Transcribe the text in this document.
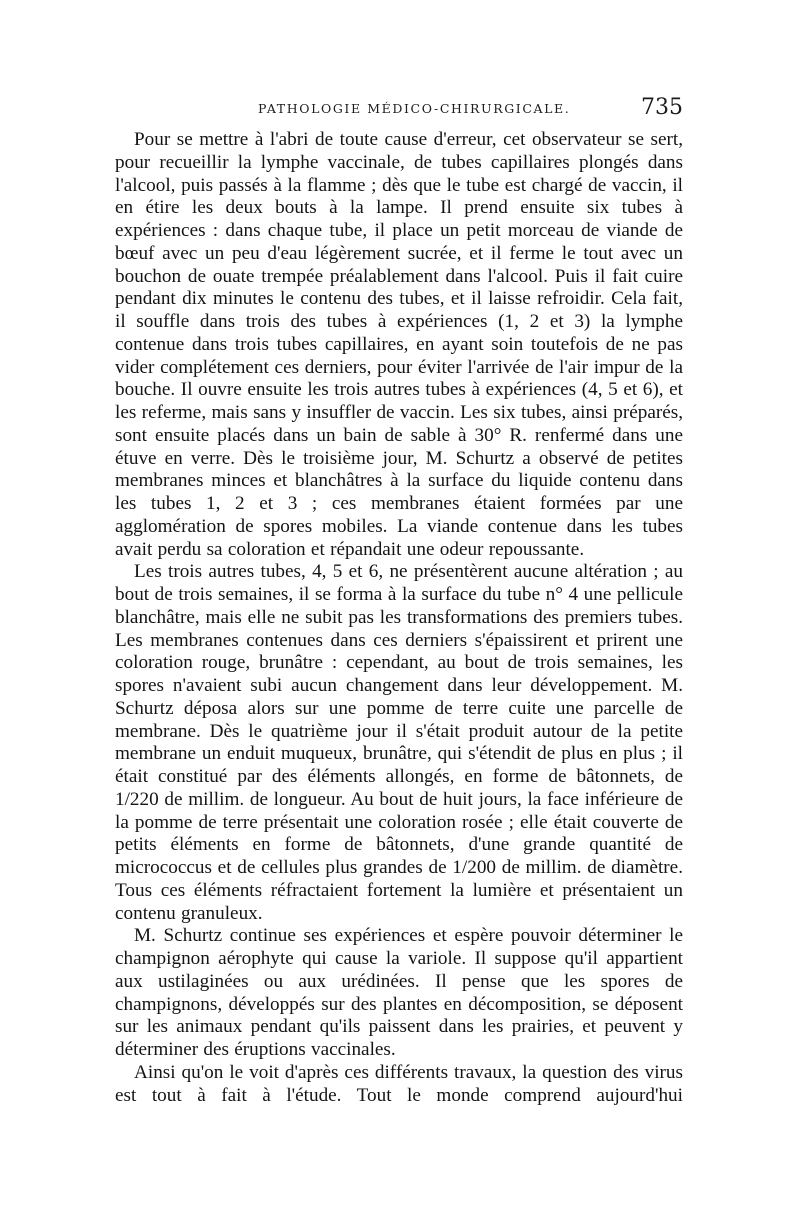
PATHOLOGIE MÉDICO-CHIRURGICALE.	735

Pour se mettre à l'abri de toute cause d'erreur, cet observateur se sert, pour recueillir la lymphe vaccinale, de tubes capillaires plongés dans l'alcool, puis passés à la flamme ; dès que le tube est chargé de vaccin, il en étire les deux bouts à la lampe. Il prend ensuite six tubes à expériences : dans chaque tube, il place un petit morceau de viande de bœuf avec un peu d'eau légèrement sucrée, et il ferme le tout avec un bouchon de ouate trempée préalablement dans l'alcool. Puis il fait cuire pendant dix minutes le contenu des tubes, et il laisse refroidir. Cela fait, il souffle dans trois des tubes à expériences (1, 2 et 3) la lymphe contenue dans trois tubes capillaires, en ayant soin toutefois de ne pas vider complétement ces derniers, pour éviter l'arrivée de l'air impur de la bouche. Il ouvre ensuite les trois autres tubes à expériences (4, 5 et 6), et les referme, mais sans y insuffler de vaccin. Les six tubes, ainsi préparés, sont ensuite placés dans un bain de sable à 30° R. renfermé dans une étuve en verre. Dès le troisième jour, M. Schurtz a observé de petites membranes minces et blanchâtres à la surface du liquide contenu dans les tubes 1, 2 et 3 ; ces membranes étaient formées par une agglomération de spores mobiles. La viande contenue dans les tubes avait perdu sa coloration et répandait une odeur repoussante.

Les trois autres tubes, 4, 5 et 6, ne présentèrent aucune altération ; au bout de trois semaines, il se forma à la surface du tube n° 4 une pellicule blanchâtre, mais elle ne subit pas les transformations des premiers tubes. Les membranes contenues dans ces derniers s'épaissirent et prirent une coloration rouge, brunâtre : cependant, au bout de trois semaines, les spores n'avaient subi aucun changement dans leur développement. M. Schurtz déposa alors sur une pomme de terre cuite une parcelle de membrane. Dès le quatrième jour il s'était produit autour de la petite membrane un enduit muqueux, brunâtre, qui s'étendit de plus en plus ; il était constitué par des éléments allongés, en forme de bâtonnets, de 1/220 de millim. de longueur. Au bout de huit jours, la face inférieure de la pomme de terre présentait une coloration rosée ; elle était couverte de petits éléments en forme de bâtonnets, d'une grande quantité de micrococcus et de cellules plus grandes de 1/200 de millim. de diamètre. Tous ces éléments réfractaient fortement la lumière et présentaient un contenu granuleux.

M. Schurtz continue ses expériences et espère pouvoir déterminer le champignon aérophyte qui cause la variole. Il suppose qu'il appartient aux ustilaginées ou aux urédinées. Il pense que les spores de champignons, développés sur des plantes en décomposition, se déposent sur les animaux pendant qu'ils paissent dans les prairies, et peuvent y déterminer des éruptions vaccinales.

Ainsi qu'on le voit d'après ces différents travaux, la question des virus est tout à fait à l'étude. Tout le monde comprend aujourd'hui
